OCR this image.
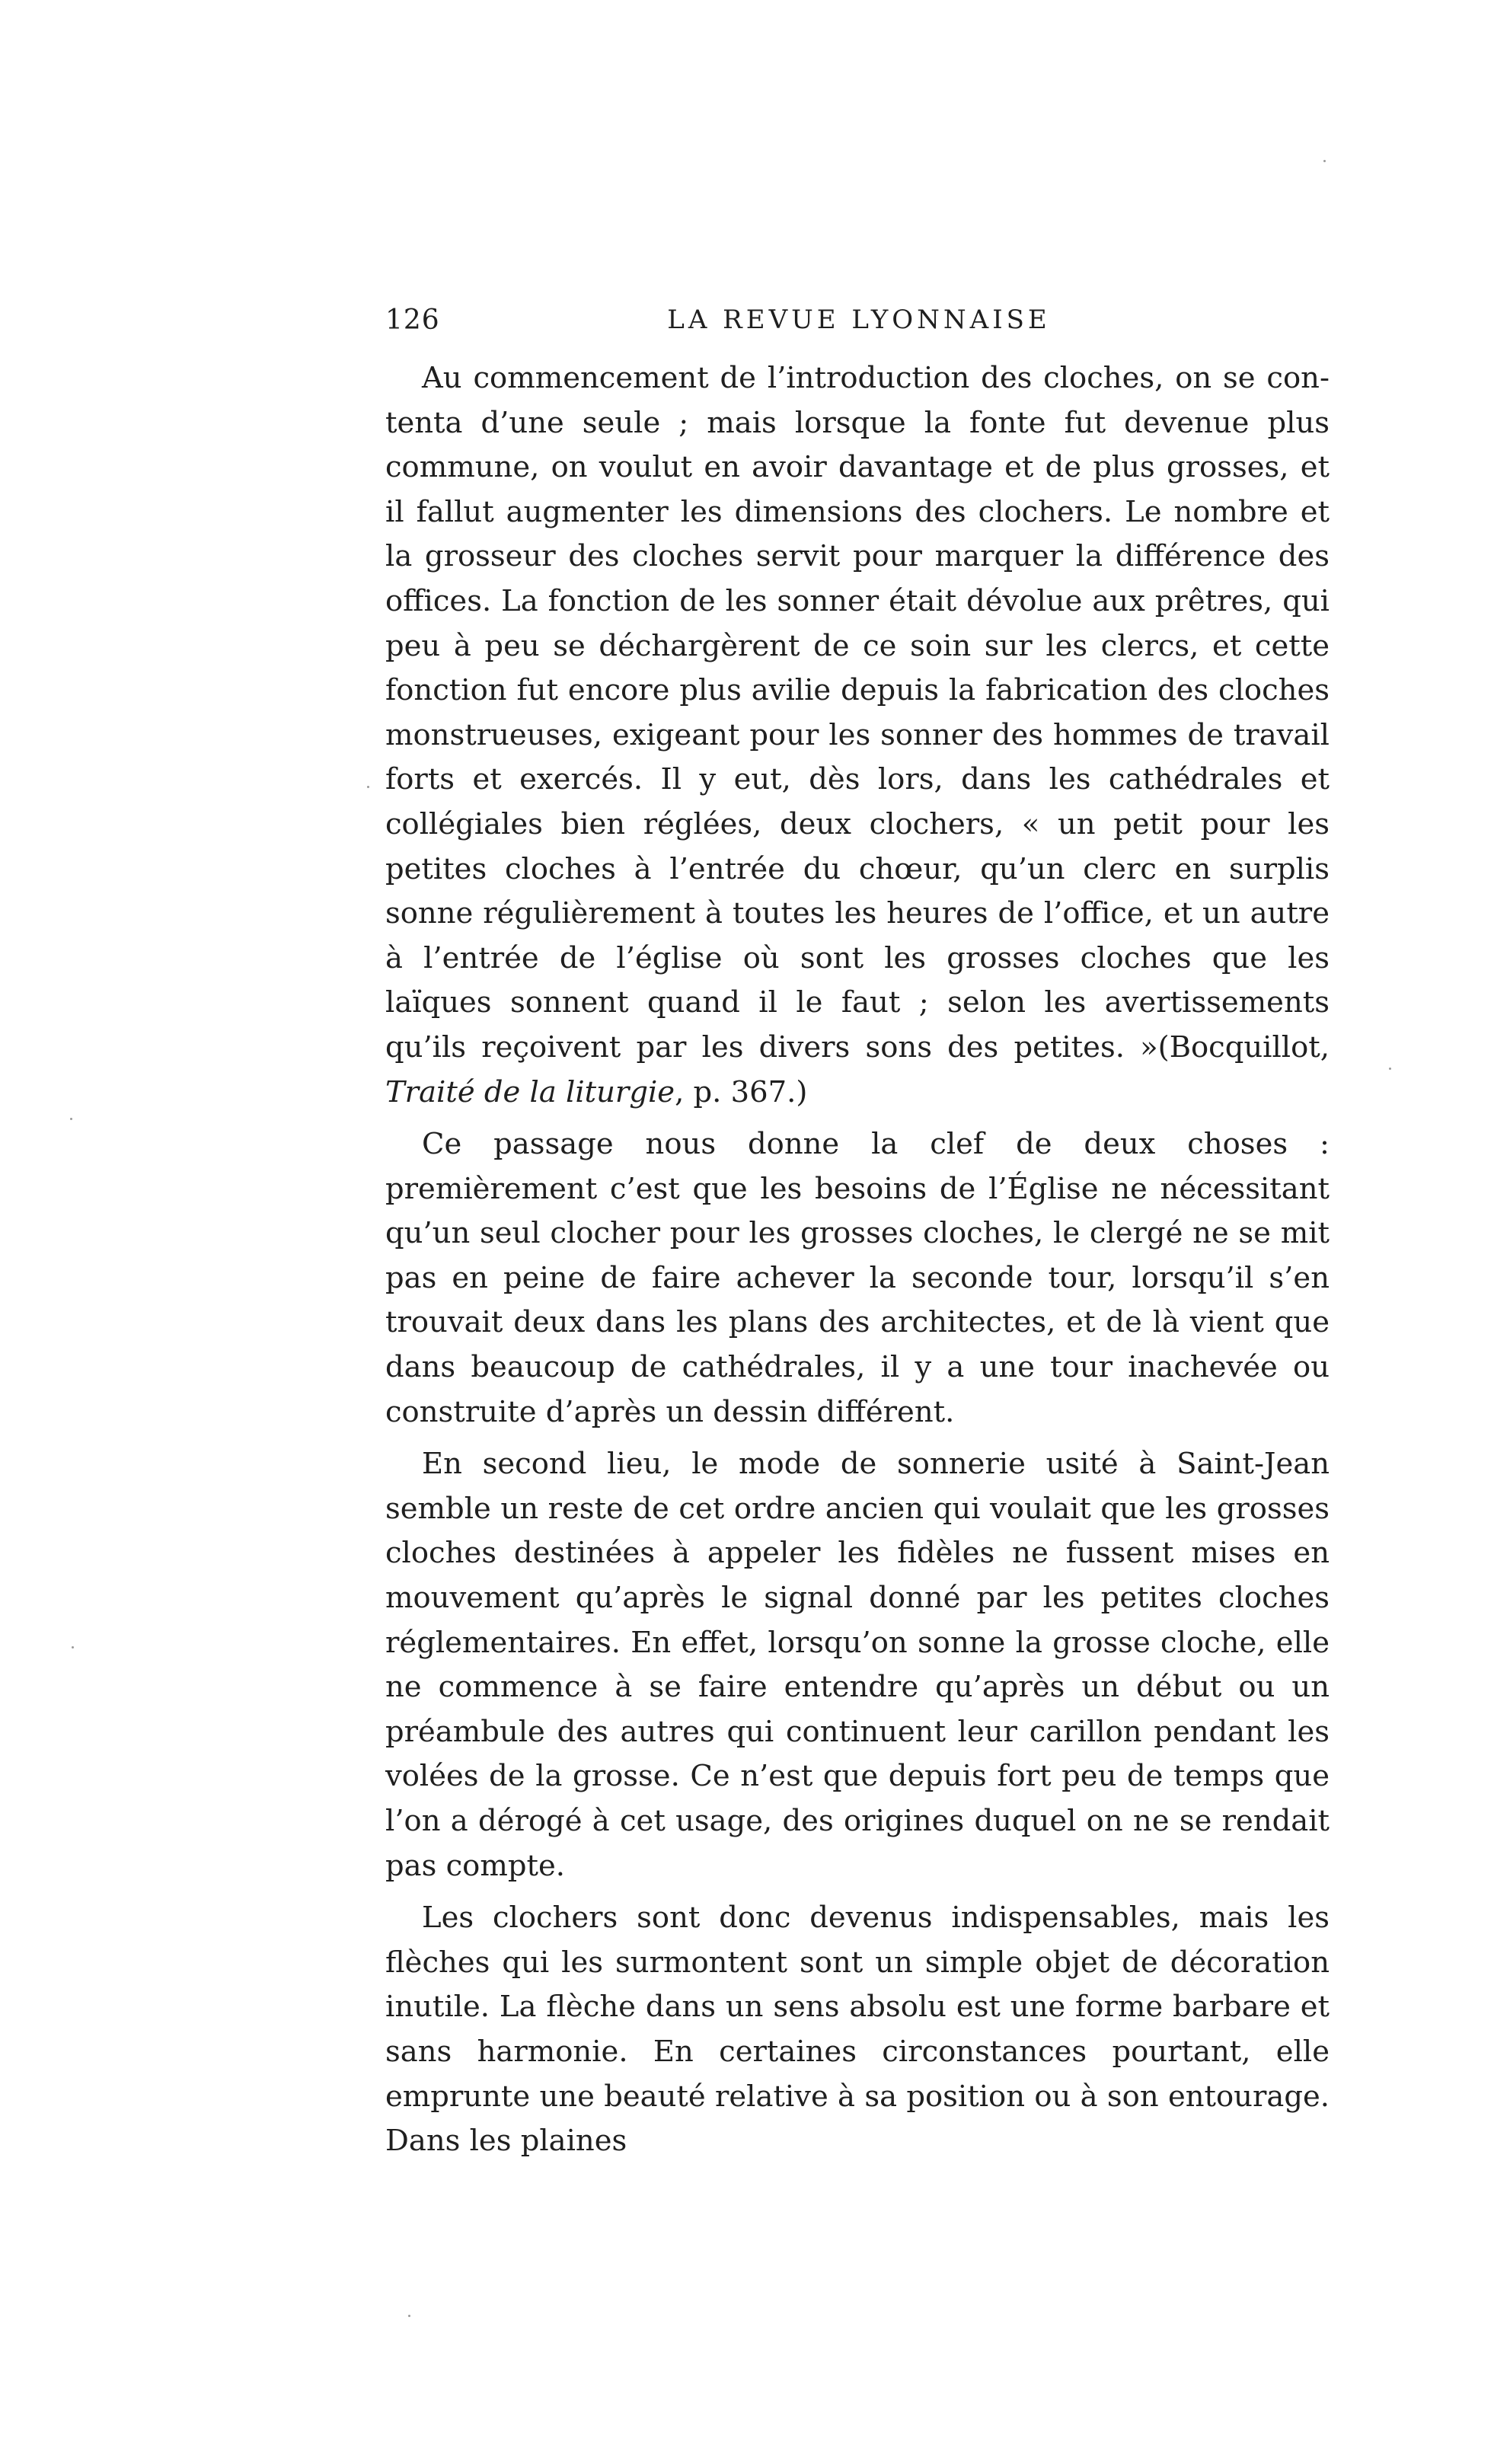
126	LA REVUE LYONNAISE

Au commencement de l’introduction des cloches, on se contenta d’une seule ; mais lorsque la fonte fut devenue plus commune, on voulut en avoir davantage et de plus grosses, et il fallut augmenter les dimensions des clochers. Le nombre et la grosseur des cloches servit pour marquer la différence des offices. La fonction de les sonner était dévolue aux prêtres, qui peu à peu se déchargèrent de ce soin sur les clercs, et cette fonction fut encore plus avilie depuis la fabrication des cloches monstrueuses, exigeant pour les sonner des hommes de travail forts et exercés. Il y eut, dès lors, dans les cathédrales et collégiales bien réglées, deux clochers, « un petit pour les petites cloches à l’entrée du chœur, qu’un clerc en surplis sonne régulièrement à toutes les heures de l’office, et un autre à l’entrée de l’église où sont les grosses cloches que les laïques sonnent quand il le faut ; selon les avertissements qu’ils reçoivent par les divers sons des petites. »(Bocquillot, Traité de la liturgie, p. 367.)

Ce passage nous donne la clef de deux choses : premièrement c’est que les besoins de l’Église ne nécessitant qu’un seul clocher pour les grosses cloches, le clergé ne se mit pas en peine de faire achever la seconde tour, lorsqu’il s’en trouvait deux dans les plans des architectes, et de là vient que dans beaucoup de cathédrales, il y a une tour inachevée ou construite d’après un dessin différent.

En second lieu, le mode de sonnerie usité à Saint-Jean semble un reste de cet ordre ancien qui voulait que les grosses cloches destinées à appeler les fidèles ne fussent mises en mouvement qu’après le signal donné par les petites cloches réglementaires. En effet, lorsqu’on sonne la grosse cloche, elle ne commence à se faire entendre qu’après un début ou un préambule des autres qui continuent leur carillon pendant les volées de la grosse. Ce n’est que depuis fort peu de temps que l’on a dérogé à cet usage, des origines duquel on ne se rendait pas compte.

Les clochers sont donc devenus indispensables, mais les flèches qui les surmontent sont un simple objet de décoration inutile. La flèche dans un sens absolu est une forme barbare et sans harmonie. En certaines circonstances pourtant, elle emprunte une beauté relative à sa position ou à son entourage. Dans les plaines
